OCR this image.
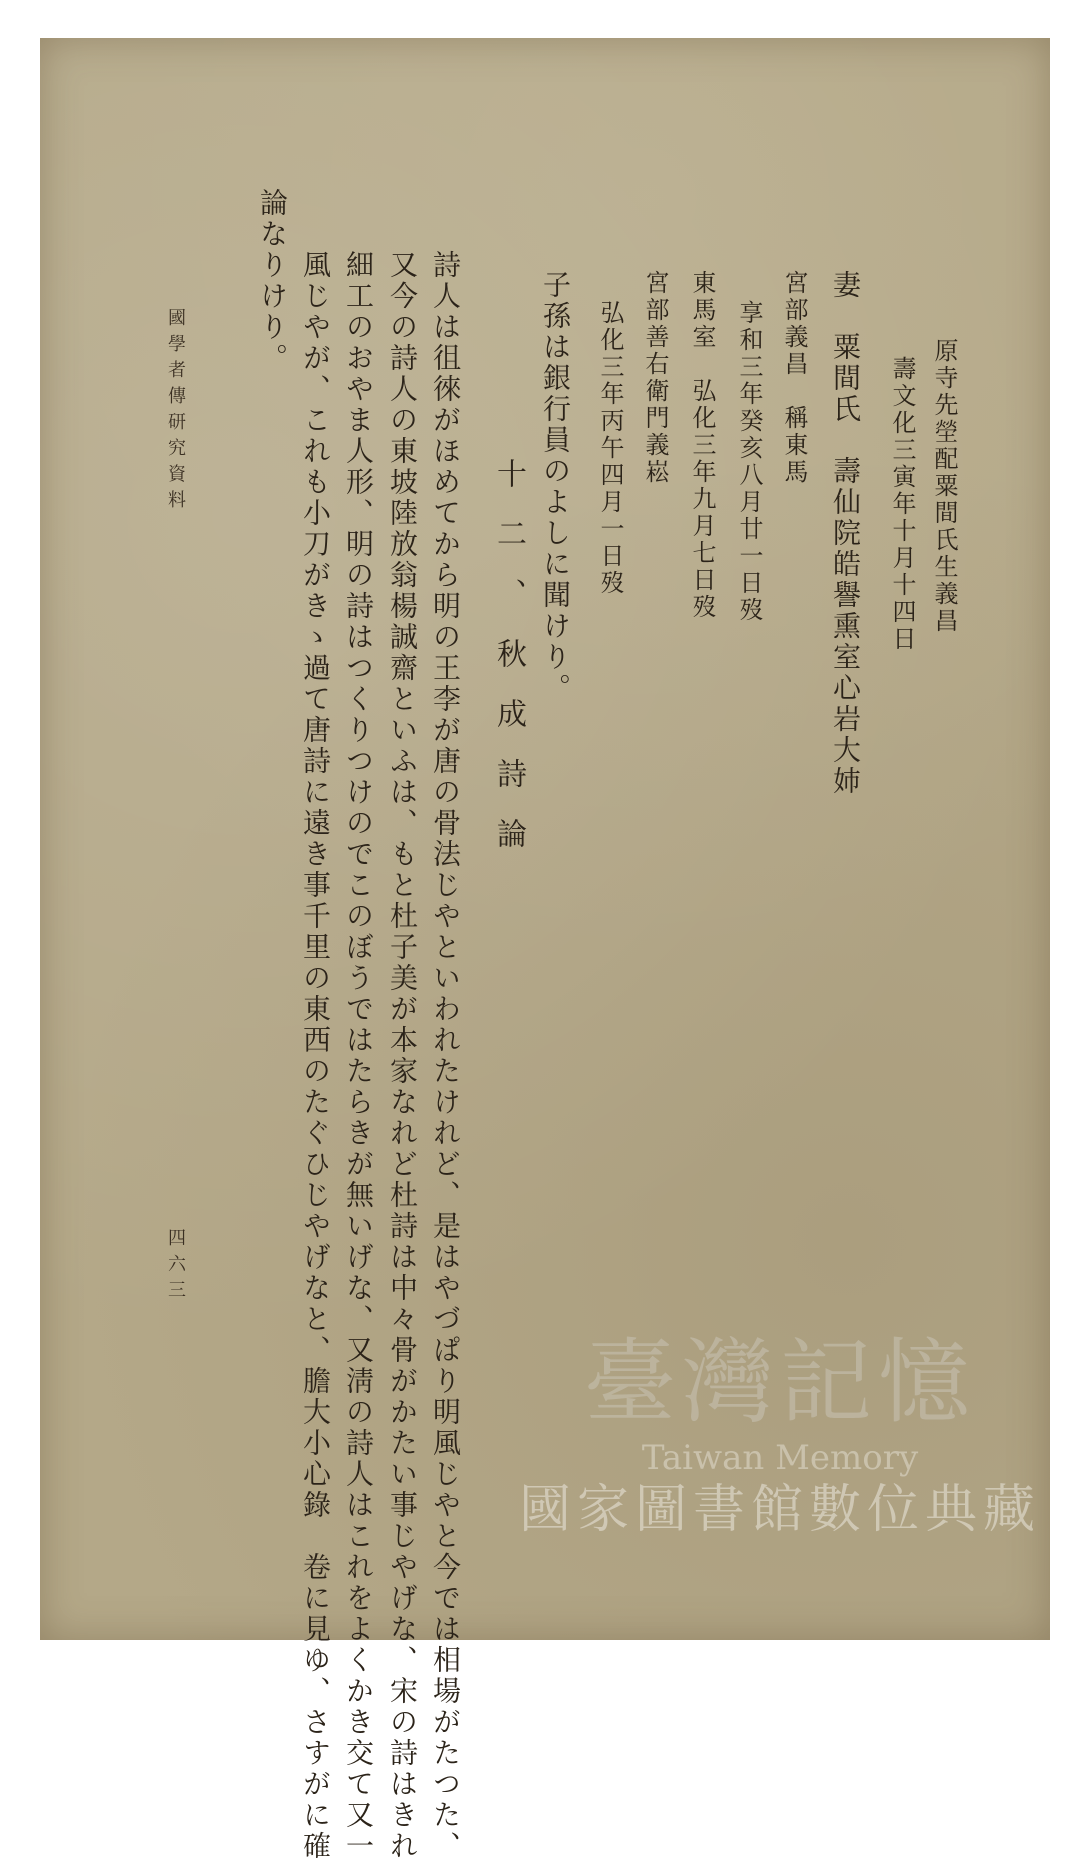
原寺先塋配粟間氏生義昌
壽文化三寅年十月十四日
妻　粟間氏　壽仙院皓譽熏室心岩大姉
宮部義昌　稱東馬
享和三年癸亥八月廿一日歿
東馬室　弘化三年九月七日歿
宮部善右衛門義崧
弘化三年丙午四月一日歿
子孫は銀行員のよしに聞けり。
十二、秋成詩論
詩人は徂徠がほめてから明の王李が唐の骨法じやといわれたけれど、是はやづぱり明風じやと今では相場がたつた、
又今の詩人の東坡陸放翁楊誠齋といふは、もと杜子美が本家なれど杜詩は中々骨がかたい事じやげな、宋の詩はきれ
細工のおやま人形、明の詩はつくりつけのでこのぼうではたらきが無いげな、又淸の詩人はこれをよくかき交て又一
風じやが、これも小刀がきゝ過て唐詩に遠き事千里の東西のたぐひじやげなと、膽大小心錄　卷に見ゆ、さすがに確
論なりけり。
國學者傳研究資料
四六三
臺灣記憶
Taiwan Memory
國家圖書館數位典藏
